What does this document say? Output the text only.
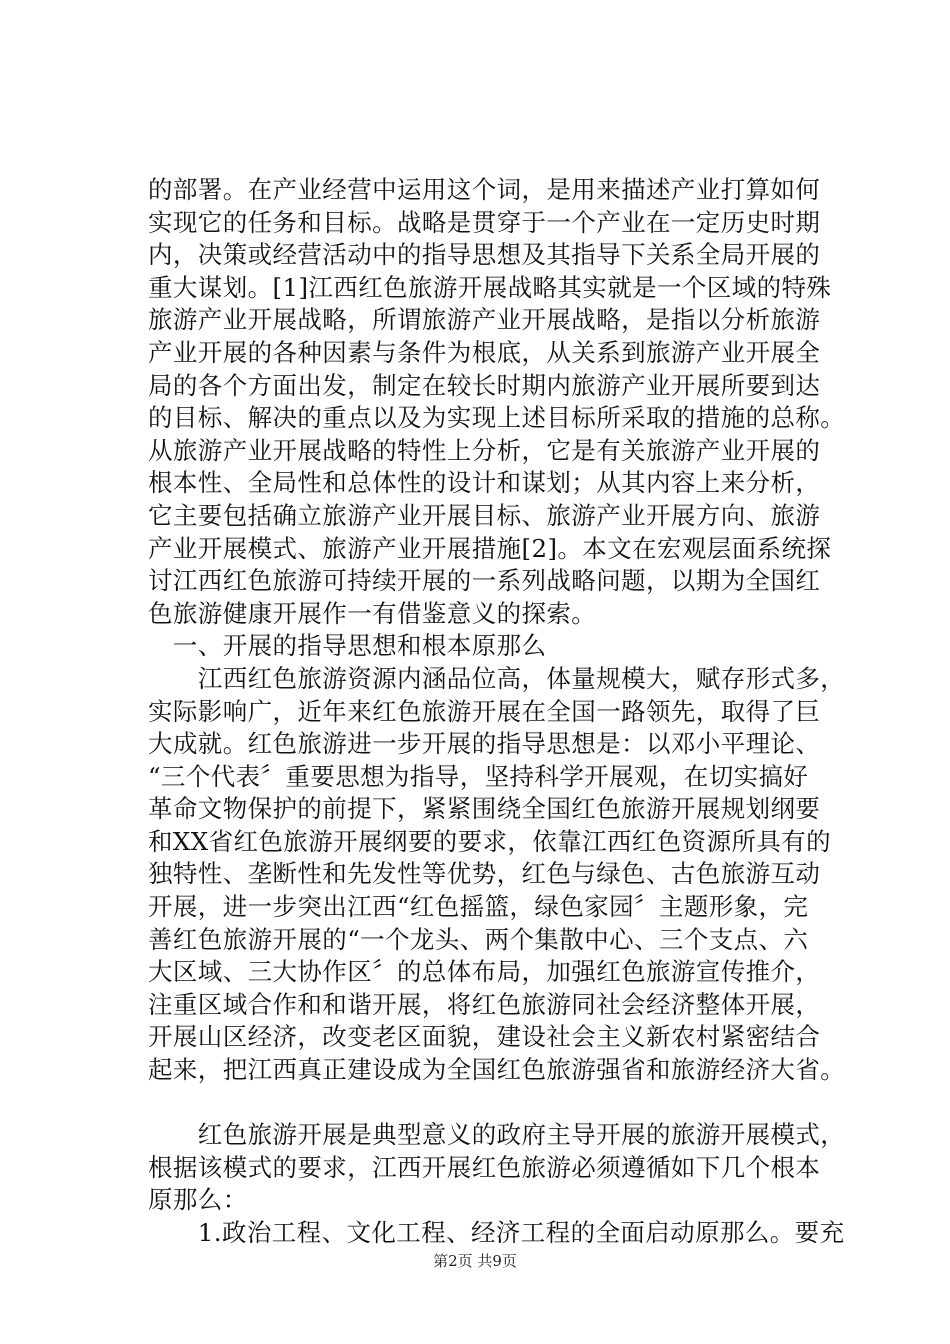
的部署。在产业经营中运用这个词，是用来描述产业打算如何
实现它的任务和目标。战略是贯穿于一个产业在一定历史时期
内，决策或经营活动中的指导思想及其指导下关系全局开展的
重大谋划。[1]江西红色旅游开展战略其实就是一个区域的特殊
旅游产业开展战略，所谓旅游产业开展战略，是指以分析旅游
产业开展的各种因素与条件为根底，从关系到旅游产业开展全
局的各个方面出发，制定在较长时期内旅游产业开展所要到达
的目标、解决的重点以及为实现上述目标所采取的措施的总称。
从旅游产业开展战略的特性上分析，它是有关旅游产业开展的
根本性、全局性和总体性的设计和谋划；从其内容上来分析，
它主要包括确立旅游产业开展目标、旅游产业开展方向、旅游
产业开展模式、旅游产业开展措施[2]。本文在宏观层面系统探
讨江西红色旅游可持续开展的一系列战略问题，以期为全国红
色旅游健康开展作一有借鉴意义的探索。
　一、开展的指导思想和根本原那么
　　江西红色旅游资源内涵品位高，体量规模大，赋存形式多，
实际影响广，近年来红色旅游开展在全国一路领先，取得了巨
大成就。红色旅游进一步开展的指导思想是：以邓小平理论、
“三个代表〞重要思想为指导，坚持科学开展观，在切实搞好
革命文物保护的前提下，紧紧围绕全国红色旅游开展规划纲要
和XX省红色旅游开展纲要的要求，依靠江西红色资源所具有的
独特性、垄断性和先发性等优势，红色与绿色、古色旅游互动
开展，进一步突出江西“红色摇篮，绿色家园〞主题形象，完
善红色旅游开展的“一个龙头、两个集散中心、三个支点、六
大区域、三大协作区〞的总体布局，加强红色旅游宣传推介，
注重区域合作和和谐开展，将红色旅游同社会经济整体开展，
开展山区经济，改变老区面貌，建设社会主义新农村紧密结合
起来，把江西真正建设成为全国红色旅游强省和旅游经济大省。
　　红色旅游开展是典型意义的政府主导开展的旅游开展模式，
根据该模式的要求，江西开展红色旅游必须遵循如下几个根本
原那么：
　　1.政治工程、文化工程、经济工程的全面启动原那么。要充
第2页 共9页
